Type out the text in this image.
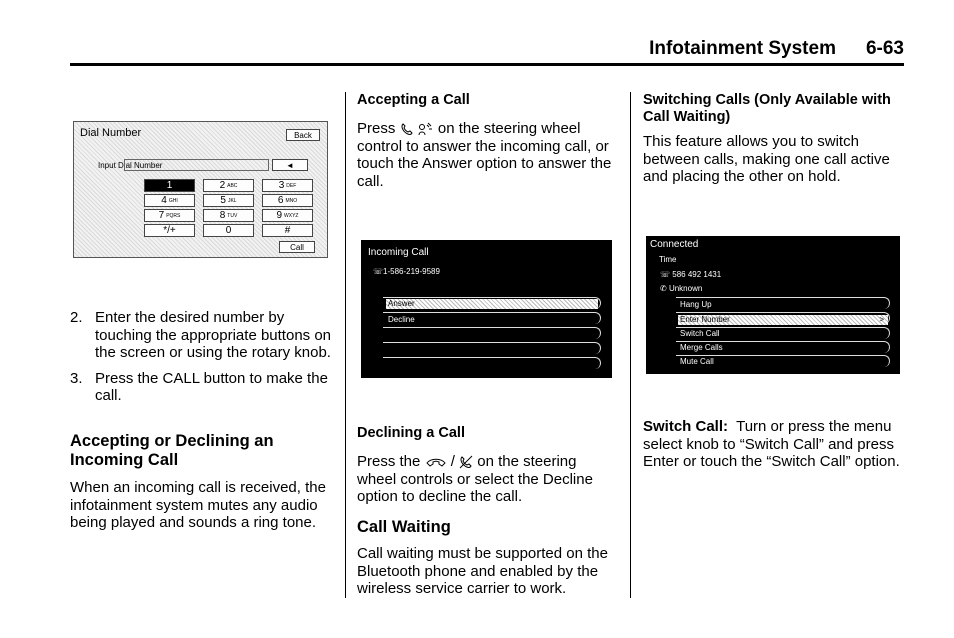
Infotainment System 6-63
Dial Number	Back
Input Dial Number	◄
1	2 ABC	3 DEF
4 GHI	5 JKL	6 MNO
7 PQRS	8 TUV	9 WXYZ
*/+	0	#
Call
2. Enter the desired number by touching the appropriate buttons on the screen or using the rotary knob.
3. Press the CALL button to make the call.
Accepting or Declining an Incoming Call
When an incoming call is received, the infotainment system mutes any audio being played and sounds a ring tone.
Accepting a Call
Press	on the steering wheel control to answer the incoming call, or touch the Answer option to answer the call.
Incoming Call
☏1-586-219-9589
Answer
Decline
Declining a Call
Press the / on the steering wheel controls or select the Decline option to decline the call.
Call Waiting
Call waiting must be supported on the Bluetooth phone and enabled by the wireless service carrier to work.
Switching Calls (Only Available with Call Waiting)
This feature allows you to switch between calls, making one call active and placing the other on hold.
Connected
Time
☏ 586 492 1431
✆ Unknown
Hang Up
Enter Number	>
Switch Call
Merge Calls
Mute Call
Switch Call: Turn or press the menu select knob to “Switch Call” and press Enter or touch the “Switch Call” option.
